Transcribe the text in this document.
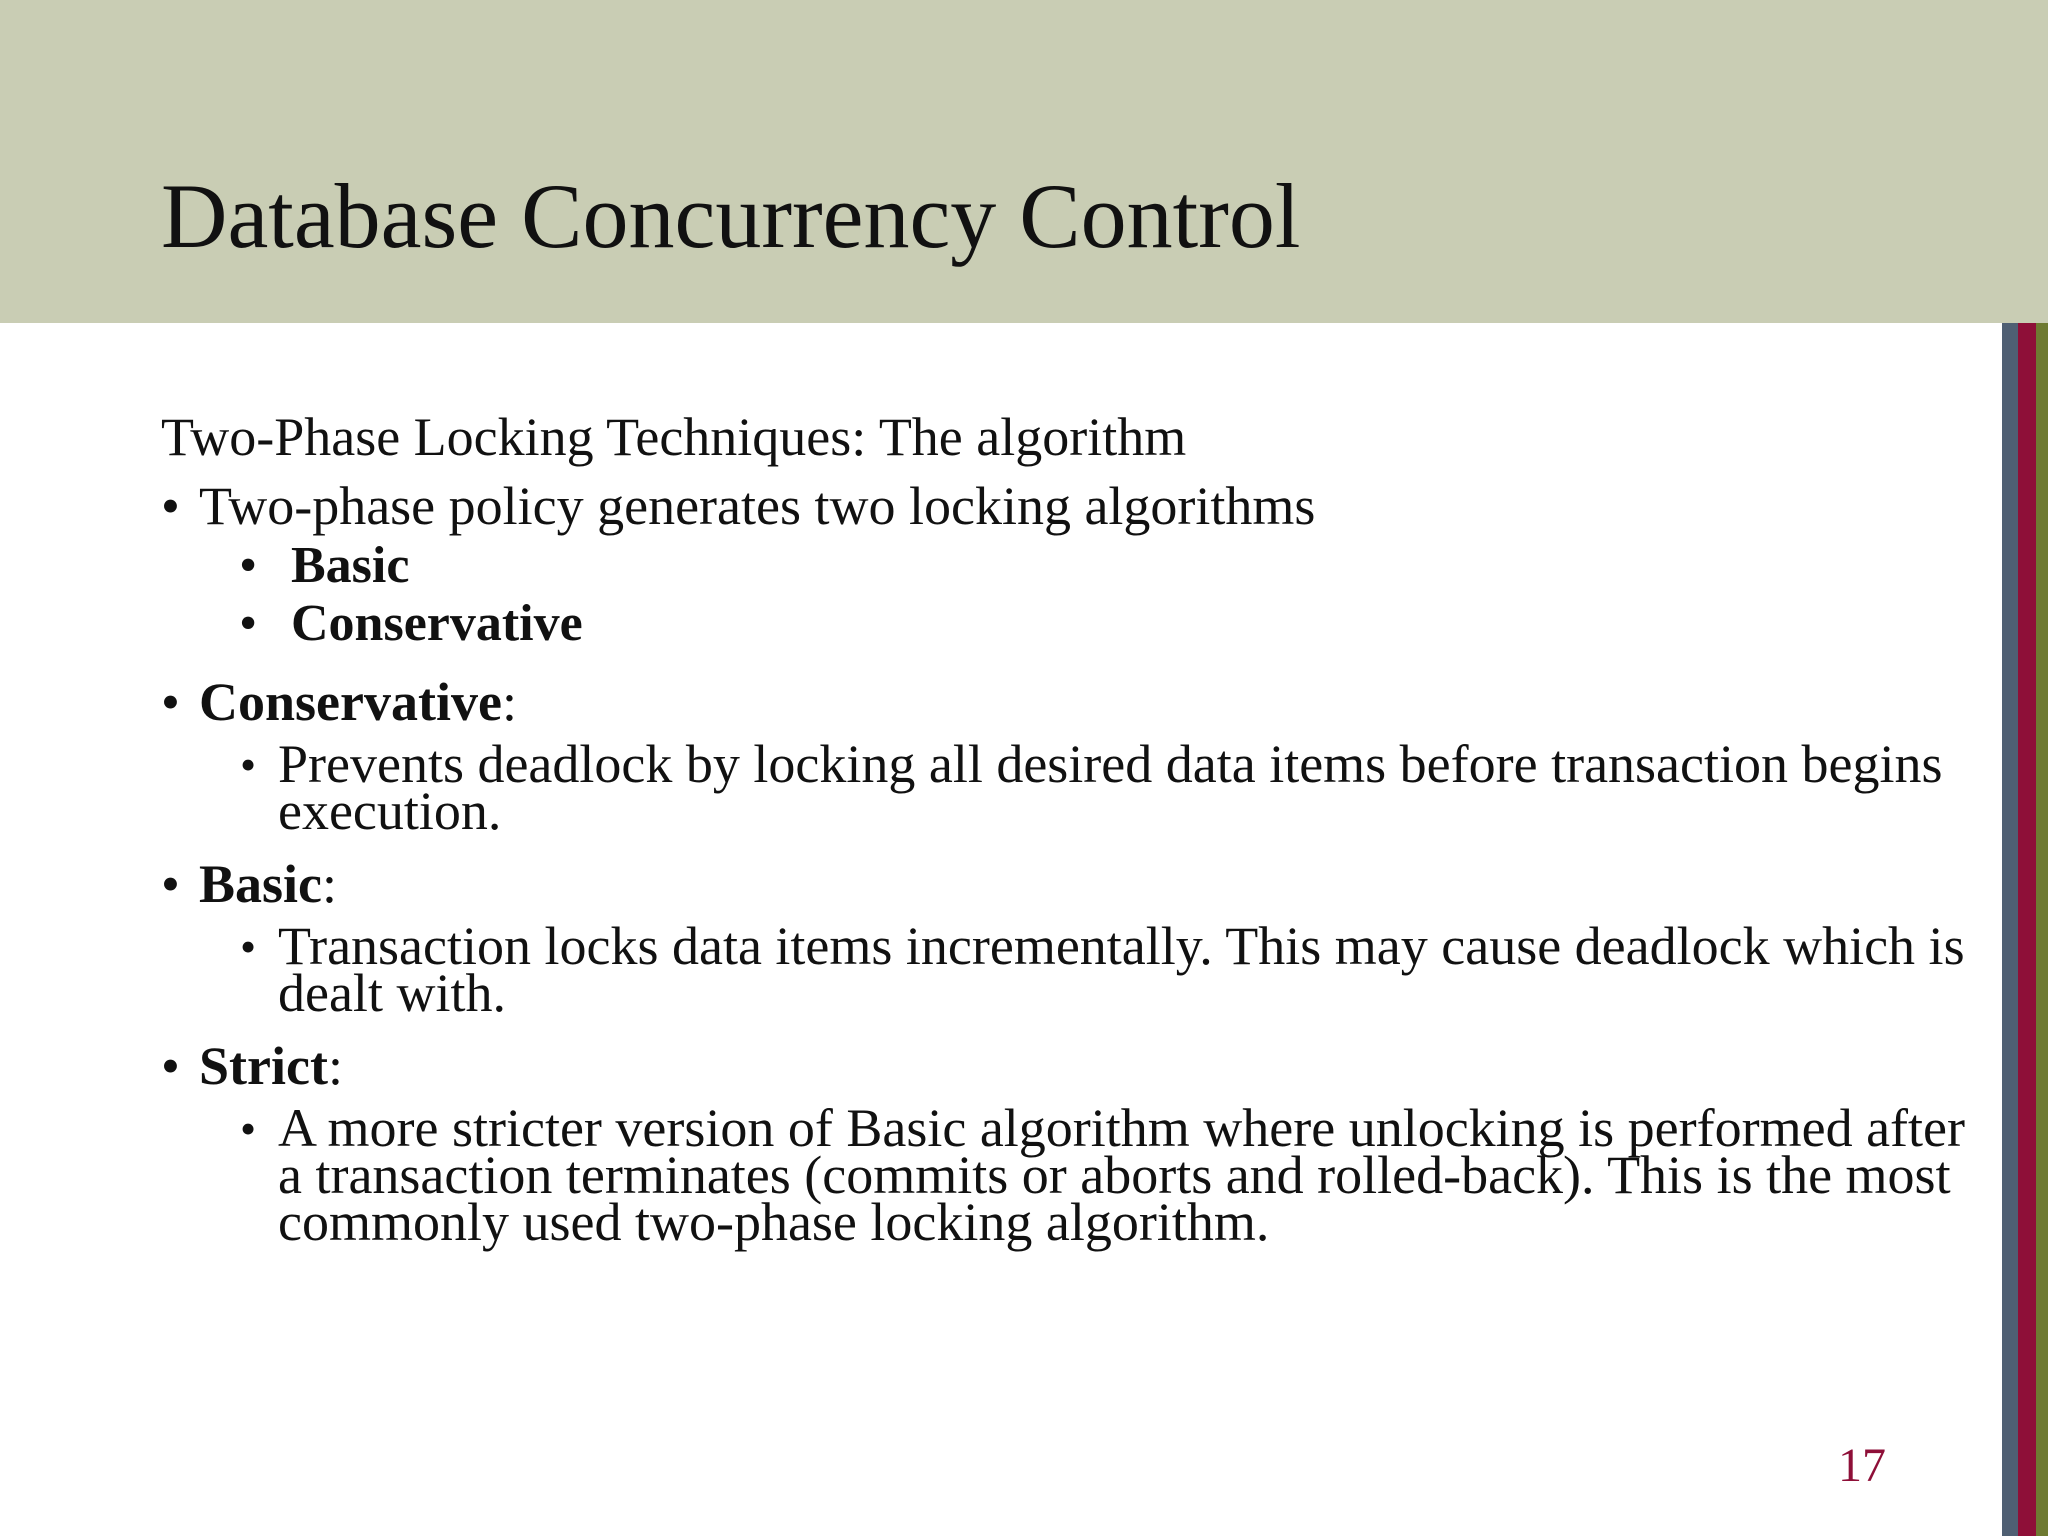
Database Concurrency Control
Two-Phase Locking Techniques: The algorithm
• Two-phase policy generates two locking algorithms
• Basic
• Conservative
• Conservative:
• Prevents deadlock by locking all desired data items before transaction begins execution.
• Basic:
• Transaction locks data items incrementally. This may cause deadlock which is dealt with.
• Strict:
• A more stricter version of Basic algorithm where unlocking is performed after a transaction terminates (commits or aborts and rolled-back). This is the most commonly used two-phase locking algorithm.
17
